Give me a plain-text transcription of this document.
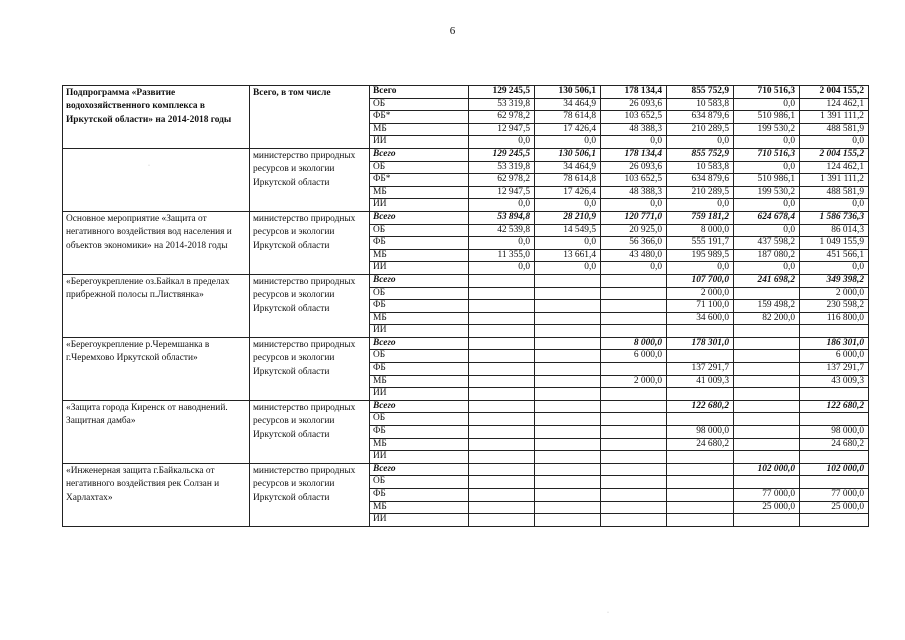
6
Подпрограмма «Развитие водохозяйственного комплекса в Иркутской области» на 2014-2018 годы	Всего, в том числе	Всего	129 245,5	130 506,1	178 134,4	855 752,9	710 516,3	2 004 155,2
		ОБ	53 319,8	34 464,9	26 093,6	10 583,8	0,0	124 462,1
		ФБ*	62 978,2	78 614,8	103 652,5	634 879,6	510 986,1	1 391 111,2
		МБ	12 947,5	17 426,4	48 388,3	210 289,5	199 530,2	488 581,9
		ИИ	0,0	0,0	0,0	0,0	0,0	0,0
	министерство природных ресурсов и экологии Иркутской области	Всего	129 245,5	130 506,1	178 134,4	855 752,9	710 516,3	2 004 155,2
		ОБ	53 319,8	34 464,9	26 093,6	10 583,8	0,0	124 462,1
		ФБ*	62 978,2	78 614,8	103 652,5	634 879,6	510 986,1	1 391 111,2
		МБ	12 947,5	17 426,4	48 388,3	210 289,5	199 530,2	488 581,9
		ИИ	0,0	0,0	0,0	0,0	0,0	0,0
Основное мероприятие «Защита от негативного воздействия вод населения и объектов экономики» на 2014-2018 годы	министерство природных ресурсов и экологии Иркутской области	Всего	53 894,8	28 210,9	120 771,0	759 181,2	624 678,4	1 586 736,3
		ОБ	42 539,8	14 549,5	20 925,0	8 000,0	0,0	86 014,3
		ФБ	0,0	0,0	56 366,0	555 191,7	437 598,2	1 049 155,9
		МБ	11 355,0	13 661,4	43 480,0	195 989,5	187 080,2	451 566,1
		ИИ	0,0	0,0	0,0	0,0	0,0	0,0
«Берегоукрепление оз.Байкал в пределах прибрежной полосы п.Листвянка»	министерство природных ресурсов и экологии Иркутской области	Всего				107 700,0	241 698,2	349 398,2
		ОБ				2 000,0		2 000,0
		ФБ				71 100,0	159 498,2	230 598,2
		МБ				34 600,0	82 200,0	116 800,0
		ИИ						
«Берегоукрепление р.Черемшанка в г.Черемхово Иркутской области»	министерство природных ресурсов и экологии Иркутской области	Всего			8 000,0	178 301,0		186 301,0
		ОБ			6 000,0			6 000,0
		ФБ				137 291,7		137 291,7
		МБ			2 000,0	41 009,3		43 009,3
		ИИ						
«Защита города Киренск от наводнений. Защитная дамба»	министерство природных ресурсов и экологии Иркутской области	Всего				122 680,2		122 680,2
		ОБ						
		ФБ				98 000,0		98 000,0
		МБ				24 680,2		24 680,2
		ИИ						
«Инженерная защита г.Байкальска от негативного воздействия рек Солзан и Харлахтах»	министерство природных ресурсов и экологии Иркутской области	Всего					102 000,0	102 000,0
		ОБ						
		ФБ					77 000,0	77 000,0
		МБ					25 000,0	25 000,0
		ИИ						
·
·
